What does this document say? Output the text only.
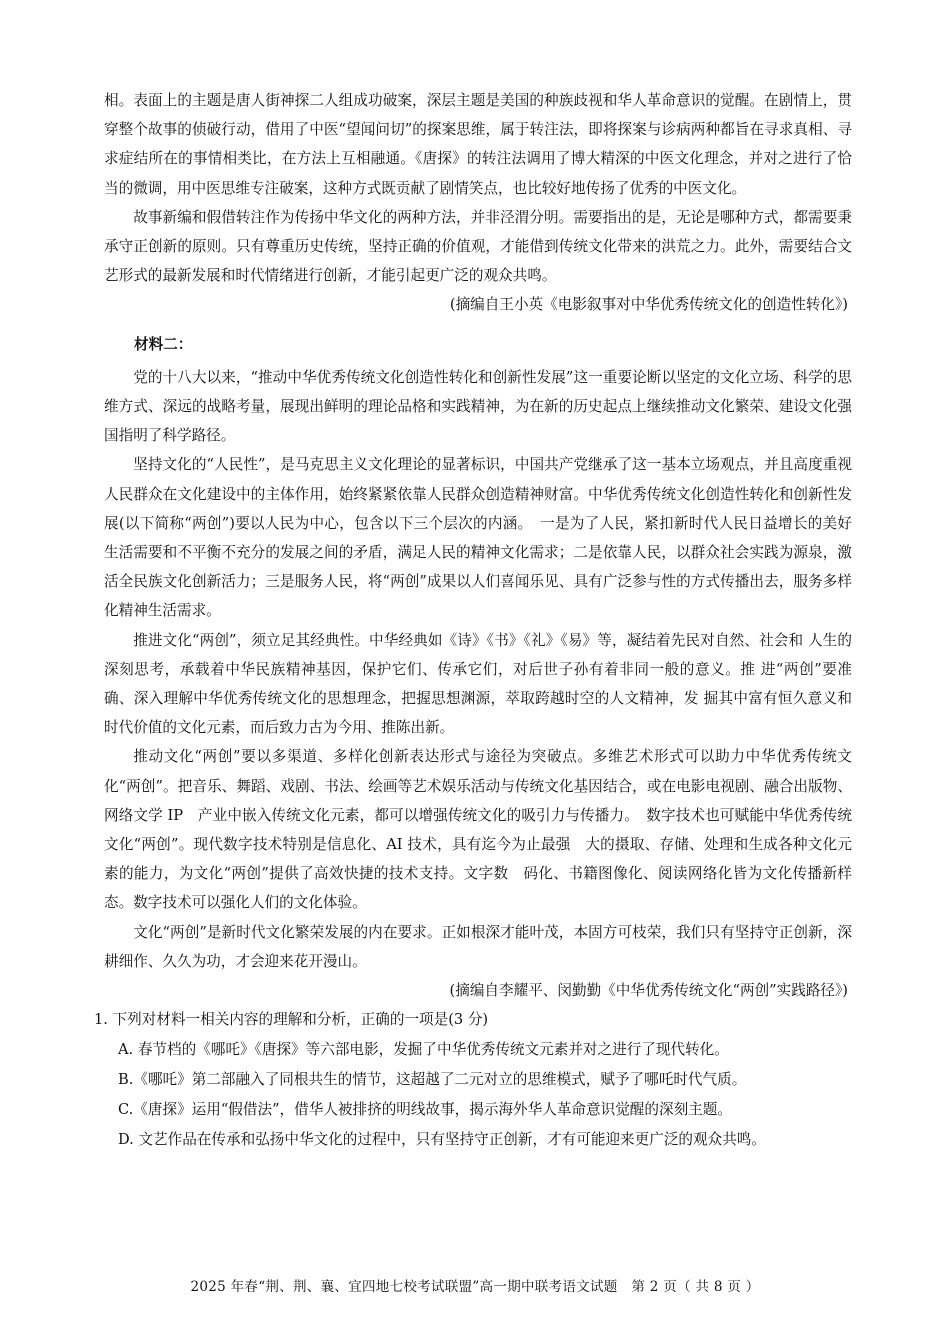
相。表面上的主题是唐人街神探二人组成功破案，深层主题是美国的种族歧视和华人革命意识的觉醒。在剧情上，贯穿整个故事的侦破行动，借用了中医“望闻问切”的探案思维，属于转注法，即将探案与诊病两种都旨在寻求真相、寻求症结所在的事情相类比，在方法上互相融通。《唐探》的转注法调用了博大精深的中医文化理念，并对之进行了恰当的微调，用中医思维专注破案，这种方式既贡献了剧情笑点，也比较好地传扬了优秀的中医文化。

故事新编和假借转注作为传扬中华文化的两种方法，并非泾渭分明。需要指出的是，无论是哪种方式，都需要秉承守正创新的原则。只有尊重历史传统，坚持正确的价值观，才能借到传统文化带来的洪荒之力。此外，需要结合文艺形式的最新发展和时代情绪进行创新，才能引起更广泛的观众共鸣。

(摘编自王小英《电影叙事对中华优秀传统文化的创造性转化》)

材料二：

党的十八大以来，“推动中华优秀传统文化创造性转化和创新性发展”这一重要论断以坚定的文化立场、科学的思维方式、深远的战略考量，展现出鲜明的理论品格和实践精神，为在新的历史起点上继续推动文化繁荣、建设文化强国指明了科学路径。

坚持文化的“人民性”，是马克思主义文化理论的显著标识，中国共产党继承了这一基本立场观点，并且高度重视人民群众在文化建设中的主体作用，始终紧紧依靠人民群众创造精神财富。中华优秀传统文化创造性转化和创新性发展(以下简称“两创”)要以人民为中心，包含以下三个层次的内涵。　一是为了人民，紧扣新时代人民日益增长的美好生活需要和不平衡不充分的发展之间的矛盾，满足人民的精神文化需求；二是依靠人民，以群众社会实践为源泉，激活全民族文化创新活力；三是服务人民，将“两创”成果以人们喜闻乐见、具有广泛参与性的方式传播出去，服务多样化精神生活需求。

推进文化“两创”，须立足其经典性。中华经典如《诗》《书》《礼》《易》等，凝结着先民对自然、社会和 人生的深刻思考，承载着中华民族精神基因，保护它们、传承它们，对后世子孙有着非同一般的意义。推 进“两创”要准确、深入理解中华优秀传统文化的思想理念，把握思想渊源，萃取跨越时空的人文精神，发 掘其中富有恒久意义和时代价值的文化元素，而后致力古为今用、推陈出新。

推动文化“两创”要以多渠道、多样化创新表达形式与途径为突破点。多维艺术形式可以助力中华优秀传统文化“两创”。把音乐、舞蹈、戏剧、书法、绘画等艺术娱乐活动与传统文化基因结合，或在电影电视剧、融合出版物、网络文学 IP　产业中嵌入传统文化元素，都可以增强传统文化的吸引力与传播力。　数字技术也可赋能中华优秀传统文化“两创”。现代数字技术特别是信息化、AI 技术，具有迄今为止最强　大的摄取、存储、处理和生成各种文化元素的能力，为文化“两创”提供了高效快捷的技术支持。文字数　码化、书籍图像化、阅读网络化皆为文化传播新样态。数字技术可以强化人们的文化体验。

文化“两创”是新时代文化繁荣发展的内在要求。正如根深才能叶茂，本固方可枝荣，我们只有坚持守正创新，深耕细作、久久为功，才会迎来花开漫山。

(摘编自李耀平、闵勤勤《中华优秀传统文化“两创”实践路径》)

1. 下列对材料一相关内容的理解和分析，正确的一项是(3 分)

A. 春节档的《哪吒》《唐探》等六部电影，发掘了中华优秀传统文元素并对之进行了现代转化。
B.《哪吒》第二部融入了同根共生的情节，这超越了二元对立的思维模式，赋予了哪吒时代气质。
C.《唐探》运用“假借法”，借华人被排挤的明线故事，揭示海外华人革命意识觉醒的深刻主题。
D. 文艺作品在传承和弘扬中华文化的过程中，只有坚持守正创新，才有可能迎来更广泛的观众共鸣。
2025 年春“荆、荆、襄、宜四地七校考试联盟”高一期中联考语文试题　第 2 页（ 共 8 页 ）
